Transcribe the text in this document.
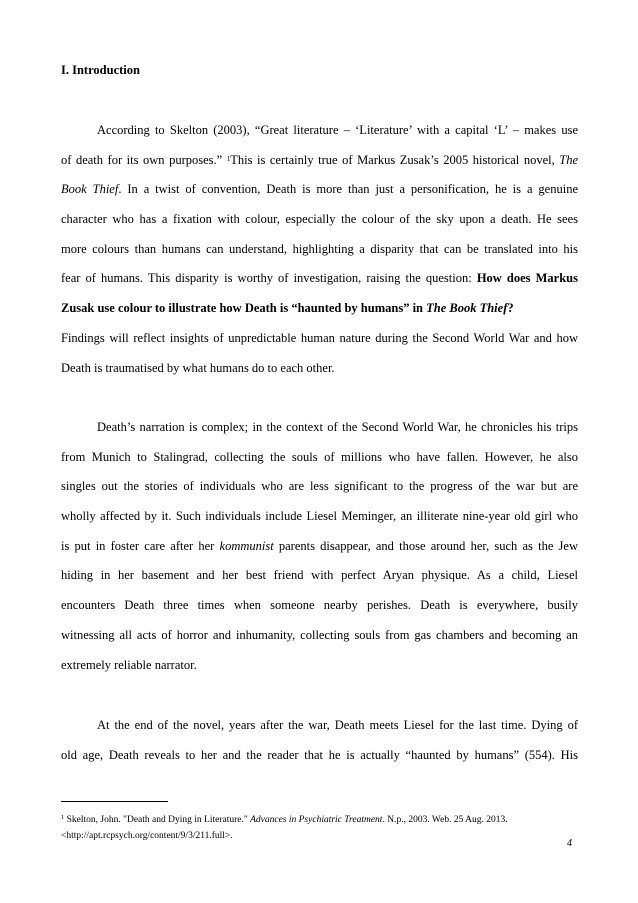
I. Introduction
According to Skelton (2003), “Great literature – ‘Literature’ with a capital ‘L’ – makes use
of death for its own purposes.” $^1$This is certainly true of Markus Zusak’s 2005 historical novel, The
Book Thief. In a twist of convention, Death is more than just a personification, he is a genuine
character who has a fixation with colour, especially the colour of the sky upon a death. He sees
more colours than humans can understand, highlighting a disparity that can be translated into his
fear of humans. This disparity is worthy of investigation, raising the question: How does Markus
Zusak use colour to illustrate how Death is “haunted by humans” in The Book Thief?
Findings will reflect insights of unpredictable human nature during the Second World War and how
Death is traumatised by what humans do to each other.
Death’s narration is complex; in the context of the Second World War, he chronicles his trips
from Munich to Stalingrad, collecting the souls of millions who have fallen. However, he also
singles out the stories of individuals who are less significant to the progress of the war but are
wholly affected by it. Such individuals include Liesel Meminger, an illiterate nine-year old girl who
is put in foster care after her kommunist parents disappear, and those around her, such as the Jew
hiding in her basement and her best friend with perfect Aryan physique. As a child, Liesel
encounters Death three times when someone nearby perishes. Death is everywhere, busily
witnessing all acts of horror and inhumanity, collecting souls from gas chambers and becoming an
extremely reliable narrator.
At the end of the novel, years after the war, Death meets Liesel for the last time. Dying of
old age, Death reveals to her and the reader that he is actually “haunted by humans” (554). His
$^1$ Skelton, John. "Death and Dying in Literature." Advances in Psychiatric Treatment. N.p., 2003. Web. 25 Aug. 2013.
<http://apt.rcpsych.org/content/9/3/211.full>.
4
